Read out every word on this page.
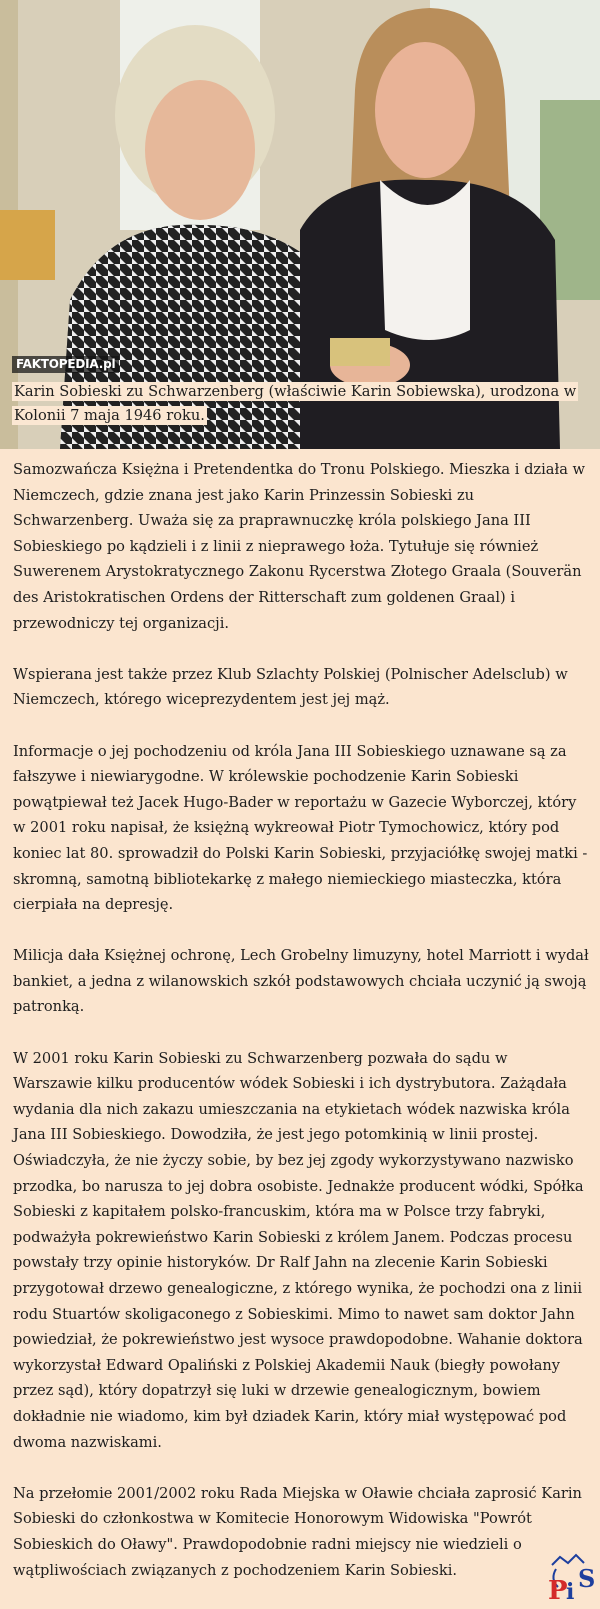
FAKTOPEDIA.pl
Karin Sobieski zu Schwarzenberg (właściwie Karin Sobiewska), urodzona w Kolonii 7 maja 1946 roku.

Samozwańcza Księżna i Pretendentka do Tronu Polskiego. Mieszka i działa w Niemczech, gdzie znana jest jako Karin Prinzessin Sobieski zu Schwarzenberg. Uważa się za praprawnuczkę króla polskiego Jana III Sobieskiego po kądzieli i z linii z nieprawego łoża. Tytułuje się również Suwerenem Arystokratycznego Zakonu Rycerstwa Złotego Graala (Souverän des Aristokratischen Ordens der Ritterschaft zum goldenen Graal) i przewodniczy tej organizacji.

Wspierana jest także przez Klub Szlachty Polskiej (Polnischer Adelsclub) w Niemczech, którego wiceprezydentem jest jej mąż.

Informacje o jej pochodzeniu od króla Jana III Sobieskiego uznawane są za fałszywe i niewiarygodne. W królewskie pochodzenie Karin Sobieski powątpiewał też Jacek Hugo-Bader w reportażu w Gazecie Wyborczej, który w 2001 roku napisał, że księżną wykreował Piotr Tymochowicz, który pod koniec lat 80. sprowadził do Polski Karin Sobieski, przyjaciółkę swojej matki - skromną, samotną bibliotekarkę z małego niemieckiego miasteczka, która cierpiała na depresję.

Milicja dała Księżnej ochronę, Lech Grobelny limuzyny, hotel Marriott i wydał bankiet, a jedna z wilanowskich szkół podstawowych chciała uczynić ją swoją patronką.

W 2001 roku Karin Sobieski zu Schwarzenberg pozwała do sądu w Warszawie kilku producentów wódek Sobieski i ich dystrybutora. Zażądała wydania dla nich zakazu umieszczania na etykietach wódek nazwiska króla Jana III Sobieskiego. Dowodziła, że jest jego potomkinią w linii prostej. Oświadczyła, że nie życzy sobie, by bez jej zgody wykorzystywano nazwisko przodka, bo narusza to jej dobra osobiste. Jednakże producent wódki, Spółka Sobieski z kapitałem polsko-francuskim, która ma w Polsce trzy fabryki, podważyła pokrewieństwo Karin Sobieski z królem Janem. Podczas procesu powstały trzy opinie historyków. Dr Ralf Jahn na zlecenie Karin Sobieski przygotował drzewo genealogiczne, z którego wynika, że pochodzi ona z linii rodu Stuartów skoligaconego z Sobieskimi. Mimo to nawet sam doktor Jahn powiedział, że pokrewieństwo jest wysoce prawdopodobne. Wahanie doktora wykorzystał Edward Opaliński z Polskiej Akademii Nauk (biegły powołany przez sąd), który dopatrzył się luki w drzewie genealogicznym, bowiem dokładnie nie wiadomo, kim był dziadek Karin, który miał występować pod dwoma nazwiskami.

Na przełomie 2001/2002 roku Rada Miejska w Oławie chciała zaprosić Karin Sobieski do członkostwa w Komitecie Honorowym Widowiska "Powrót Sobieskich do Oławy". Prawdopodobnie radni miejscy nie wiedzieli o wątpliwościach związanych z pochodzeniem Karin Sobieski.

P
i S
